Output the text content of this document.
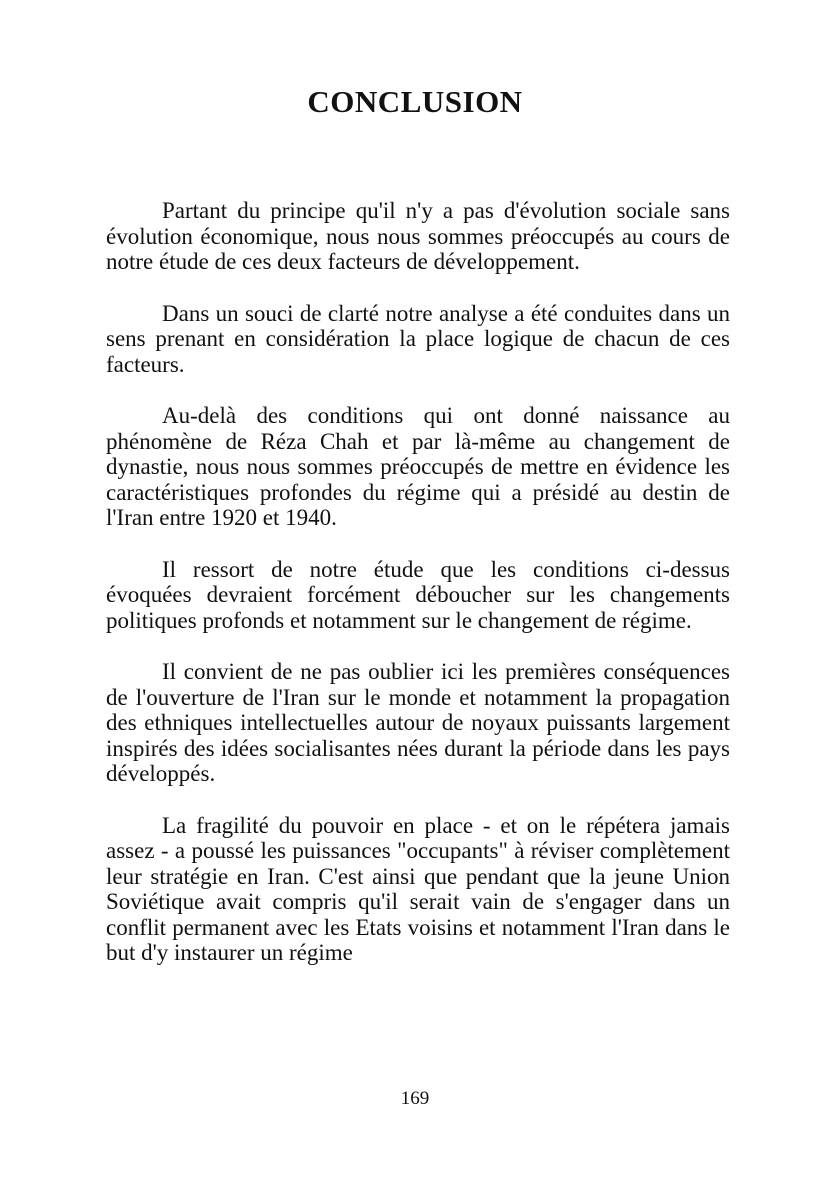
CONCLUSION

Partant du principe qu'il n'y a pas d'évolution sociale sans évolution économique, nous nous sommes préoccupés au cours de notre étude de ces deux facteurs de développement.

Dans un souci de clarté notre analyse a été conduites dans un sens prenant en considération la place logique de chacun de ces facteurs.

Au-delà des conditions qui ont donné naissance au phénomène de Réza Chah et par là-même au changement de dynastie, nous nous sommes préoccupés de mettre en évidence les caractéristiques profondes du régime qui a présidé au destin de l'Iran entre 1920 et 1940.

Il ressort de notre étude que les conditions ci-dessus évoquées devraient forcément déboucher sur les changements politiques profonds et notamment sur le changement de régime.

Il convient de ne pas oublier ici les premières conséquences de l'ouverture de l'Iran sur le monde et notamment la propagation des ethniques intellectuelles autour de noyaux puissants largement inspirés des idées socialisantes nées durant la période dans les pays développés.

La fragilité du pouvoir en place - et on le répétera jamais assez - a poussé les puissances "occupants" à réviser complètement leur stratégie en Iran. C'est ainsi que pendant que la jeune Union Soviétique avait compris qu'il serait vain de s'engager dans un conflit permanent avec les Etats voisins et notamment l'Iran dans le but d'y instaurer un régime

169
